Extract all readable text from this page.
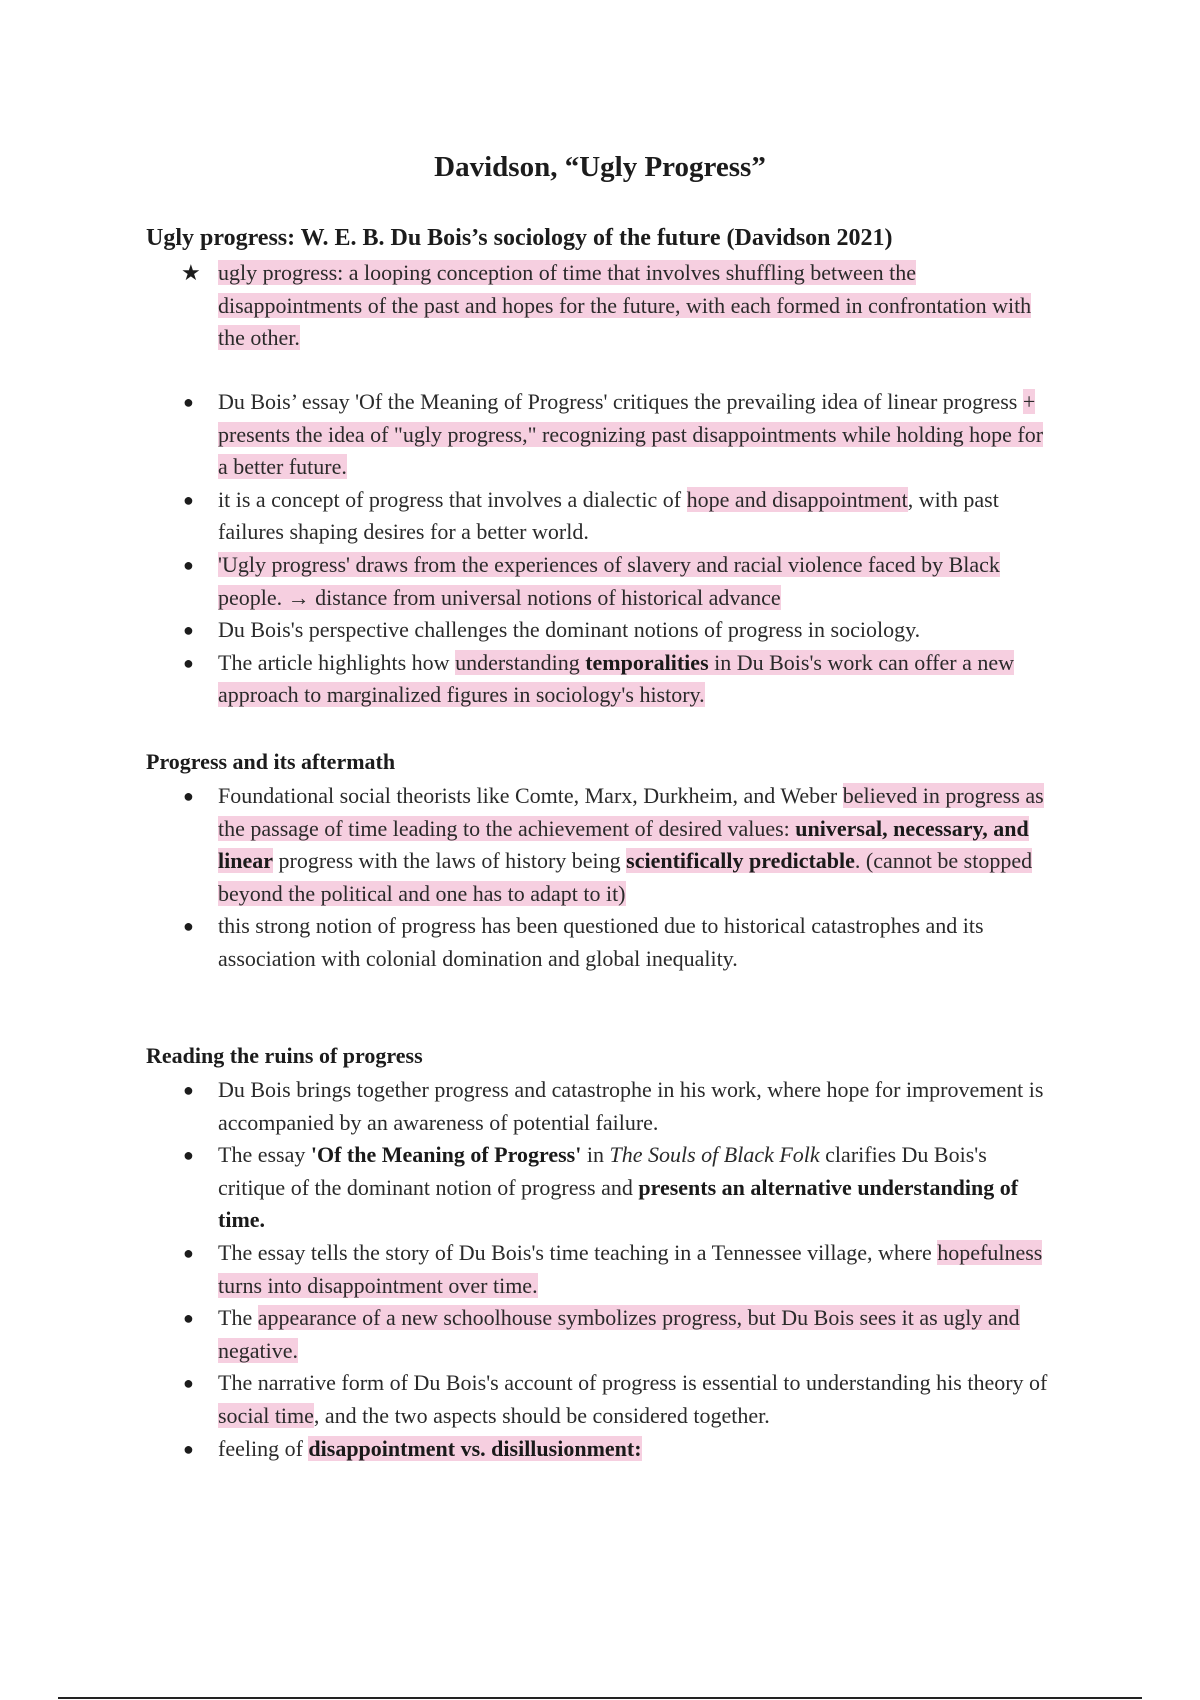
Davidson, “Ugly Progress”
Ugly progress: W. E. B. Du Bois’s sociology of the future (Davidson 2021)
★ ugly progress: a looping conception of time that involves shuffling between the disappointments of the past and hopes for the future, with each formed in confrontation with the other.
● Du Bois’ essay 'Of the Meaning of Progress' critiques the prevailing idea of linear progress + presents the idea of "ugly progress," recognizing past disappointments while holding hope for a better future.
● it is a concept of progress that involves a dialectic of hope and disappointment, with past failures shaping desires for a better world.
● 'Ugly progress' draws from the experiences of slavery and racial violence faced by Black people. → distance from universal notions of historical advance
● Du Bois's perspective challenges the dominant notions of progress in sociology.
● The article highlights how understanding temporalities in Du Bois's work can offer a new approach to marginalized figures in sociology's history.
Progress and its aftermath
● Foundational social theorists like Comte, Marx, Durkheim, and Weber believed in progress as the passage of time leading to the achievement of desired values: universal, necessary, and linear progress with the laws of history being scientifically predictable. (cannot be stopped beyond the political and one has to adapt to it)
● this strong notion of progress has been questioned due to historical catastrophes and its association with colonial domination and global inequality.
Reading the ruins of progress
● Du Bois brings together progress and catastrophe in his work, where hope for improvement is accompanied by an awareness of potential failure.
● The essay 'Of the Meaning of Progress' in The Souls of Black Folk clarifies Du Bois's critique of the dominant notion of progress and presents an alternative understanding of time.
● The essay tells the story of Du Bois's time teaching in a Tennessee village, where hopefulness turns into disappointment over time.
● The appearance of a new schoolhouse symbolizes progress, but Du Bois sees it as ugly and negative.
● The narrative form of Du Bois's account of progress is essential to understanding his theory of social time, and the two aspects should be considered together.
● feeling of disappointment vs. disillusionment:
